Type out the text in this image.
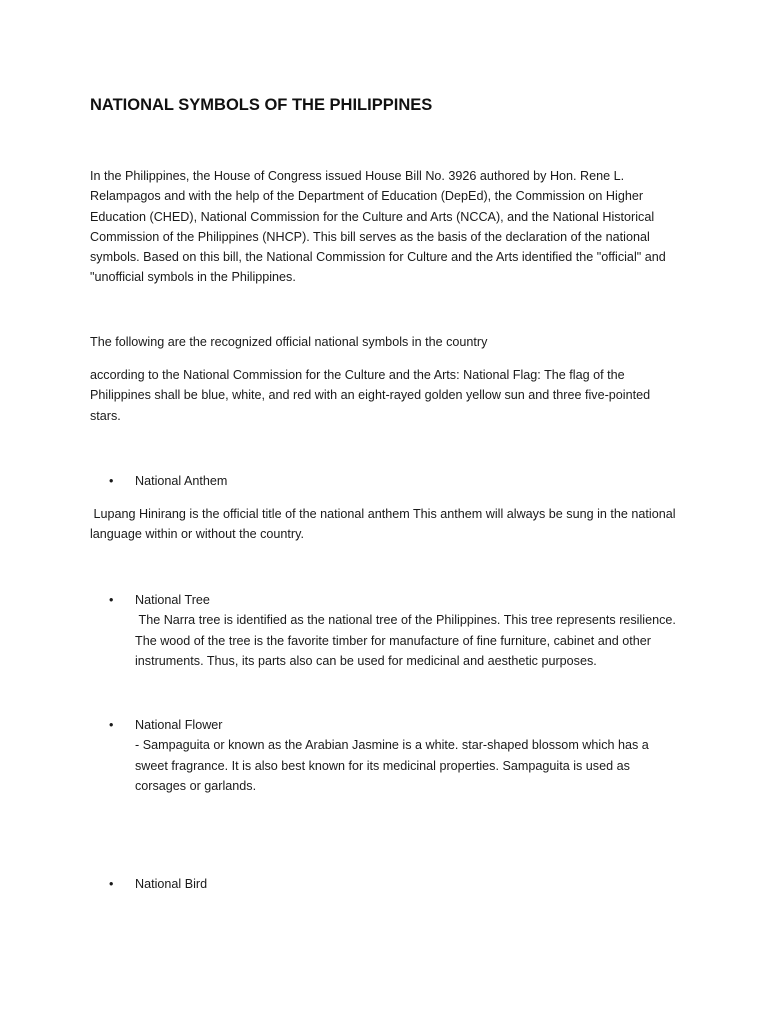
NATIONAL SYMBOLS OF THE PHILIPPINES

In the Philippines, the House of Congress issued House Bill No. 3926 authored by Hon. Rene L. Relampagos and with the help of the Department of Education (DepEd), the Commission on Higher Education (CHED), National Commission for the Culture and Arts (NCCA), and the National Historical Commission of the Philippines (NHCP). This bill serves as the basis of the declaration of the national symbols. Based on this bill, the National Commission for Culture and the Arts identified the "official" and "unofficial symbols in the Philippines.

The following are the recognized official national symbols in the country

according to the National Commission for the Culture and the Arts: National Flag: The flag of the Philippines shall be blue, white, and red with an eight-rayed golden yellow sun and three five-pointed stars.

• National Anthem

Lupang Hinirang is the official title of the national anthem This anthem will always be sung in the national language within or without the country.

• National Tree
The Narra tree is identified as the national tree of the Philippines. This tree represents resilience. The wood of the tree is the favorite timber for manufacture of fine furniture, cabinet and other instruments. Thus, its parts also can be used for medicinal and aesthetic purposes.
• National Flower
- Sampaguita or known as the Arabian Jasmine is a white. star-shaped blossom which has a sweet fragrance. It is also best known for its medicinal properties. Sampaguita is used as corsages or garlands.
• National Bird
